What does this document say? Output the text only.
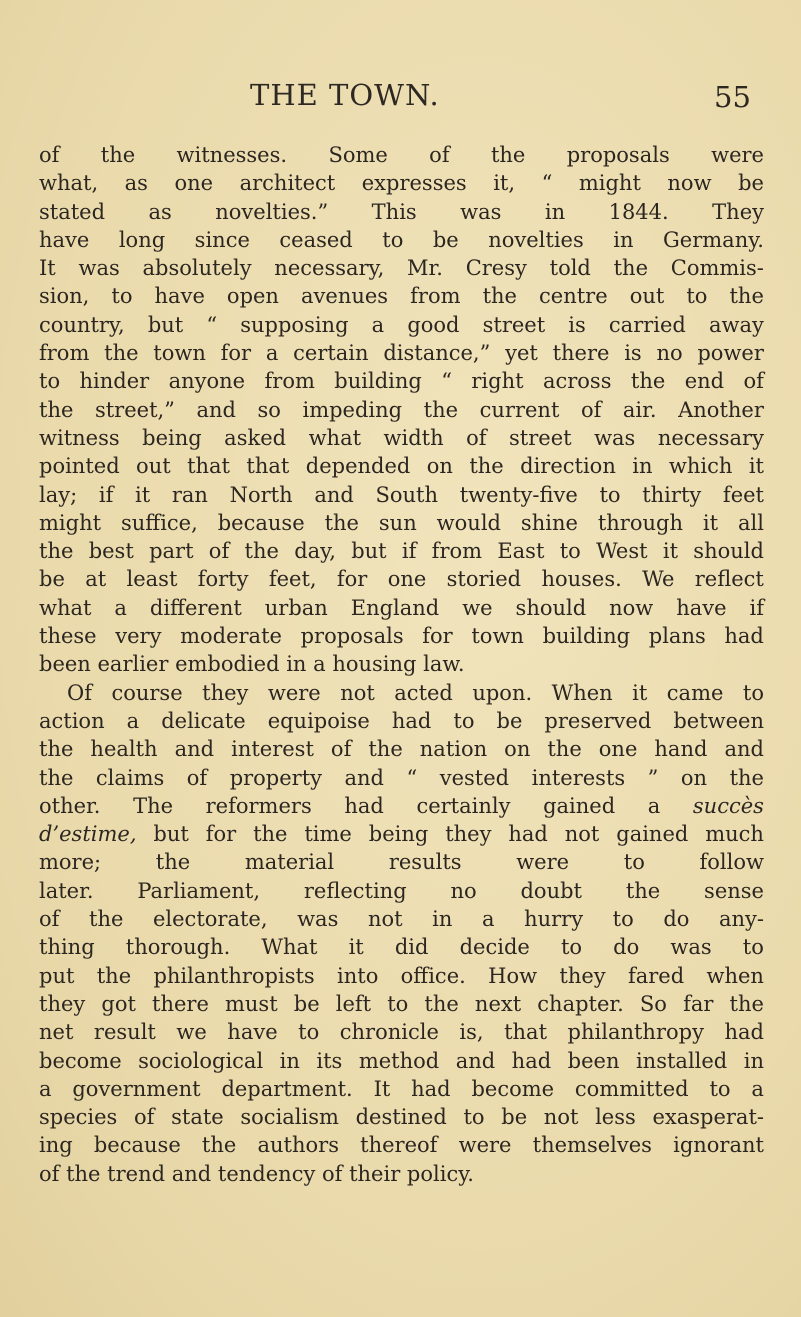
THE TOWN.	55
of the witnesses. Some of the proposals were
what, as one architect expresses it, “ might now be
stated as novelties.” This was in 1844. They
have long since ceased to be novelties in Germany.
It was absolutely necessary, Mr. Cresy told the Commis-
sion, to have open avenues from the centre out to the
country, but “ supposing a good street is carried away
from the town for a certain distance,” yet there is no power
to hinder anyone from building “ right across the end of
the street,” and so impeding the current of air. Another
witness being asked what width of street was necessary
pointed out that that depended on the direction in which it
lay; if it ran North and South twenty-five to thirty feet
might suffice, because the sun would shine through it all
the best part of the day, but if from East to West it should
be at least forty feet, for one storied houses. We reflect
what a different urban England we should now have if
these very moderate proposals for town building plans had
been earlier embodied in a housing law.
Of course they were not acted upon. When it came to
action a delicate equipoise had to be preserved between
the health and interest of the nation on the one hand and
the claims of property and “ vested interests ” on the
other. The reformers had certainly gained a succès
d’estime, but for the time being they had not gained much
more;	the	material	results	were	to	follow
later. Parliament, reflecting no doubt the sense
of the electorate, was not in a hurry to do any-
thing thorough. What it did decide to do was to
put the philanthropists into office. How they fared when
they got there must be left to the next chapter. So far the
net result we have to chronicle is, that philanthropy had
become sociological in its method and had been installed in
a government department. It had become committed to a
species of state socialism destined to be not less exasperat-
ing because the authors thereof were themselves ignorant
of the trend and tendency of their policy.
